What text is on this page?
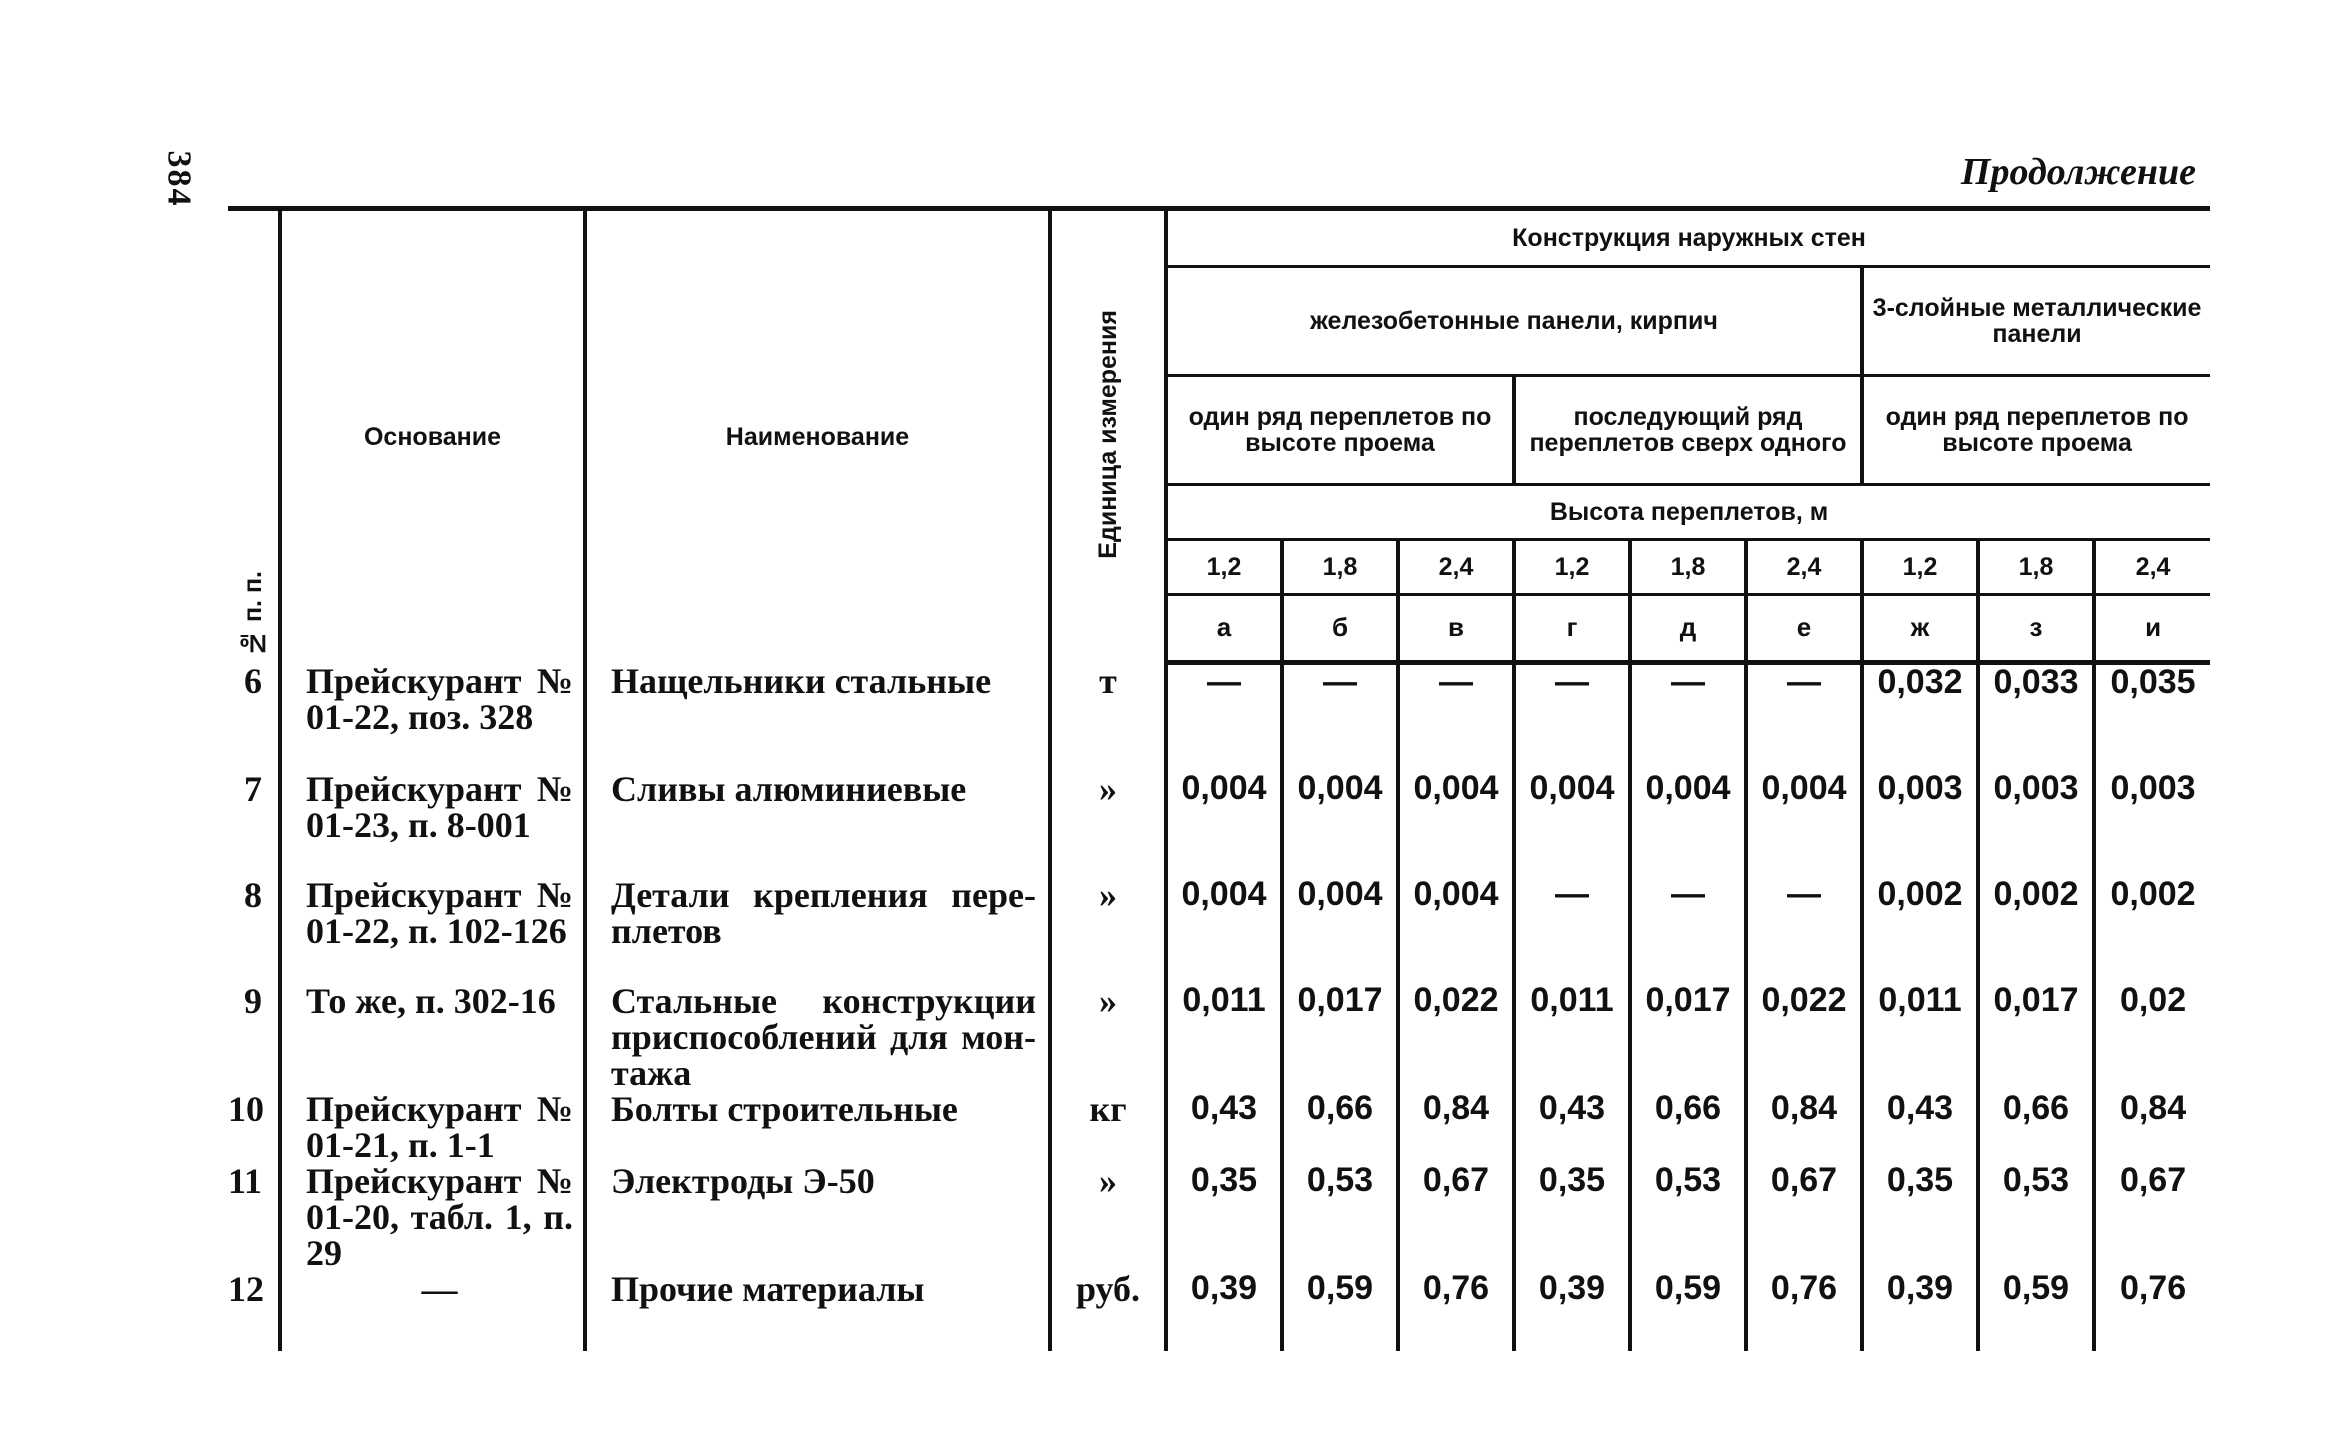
384	Продолжение
№ п. п.	Основание	Наименование	Единица измерения	Конструкция наружных стен								
				железобетонные панели, кирпич						3-слойные металлические панели		
				один ряд переплетов по высоте проема			последующий ряд переплетов сверх одного			один ряд переплетов по высоте проема		
				Высота переплетов, м								
				1,2	1,8	2,4	1,2	1,8	2,4	1,2	1,8	2,4
				а	б	в	г	д	е	ж	з	и
6	Прейскурант № 01-22, поз. 328	Нащельники стальные	т	—	—	—	—	—	—	0,032	0,033	0,035
7	Прейскурант № 01-23, п. 8-001	Сливы алюминиевые	»	0,004	0,004	0,004	0,004	0,004	0,004	0,003	0,003	0,003
8	Прейскурант № 01-22, п. 102-126	Детали крепления пере-плетов	»	0,004	0,004	0,004	—	—	—	0,002	0,002	0,002
9	То же, п. 302-16	Стальные конструкции приспособлений для мон-тажа	»	0,011	0,017	0,022	0,011	0,017	0,022	0,011	0,017	0,02
10	Прейскурант № 01-21, п. 1-1	Болты строительные	кг	0,43	0,66	0,84	0,43	0,66	0,84	0,43	0,66	0,84
11	Прейскурант № 01-20, табл. 1, п. 29	Электроды Э-50	»	0,35	0,53	0,67	0,35	0,53	0,67	0,35	0,53	0,67
12	—	Прочие материалы	руб.	0,39	0,59	0,76	0,39	0,59	0,76	0,39	0,59	0,76
